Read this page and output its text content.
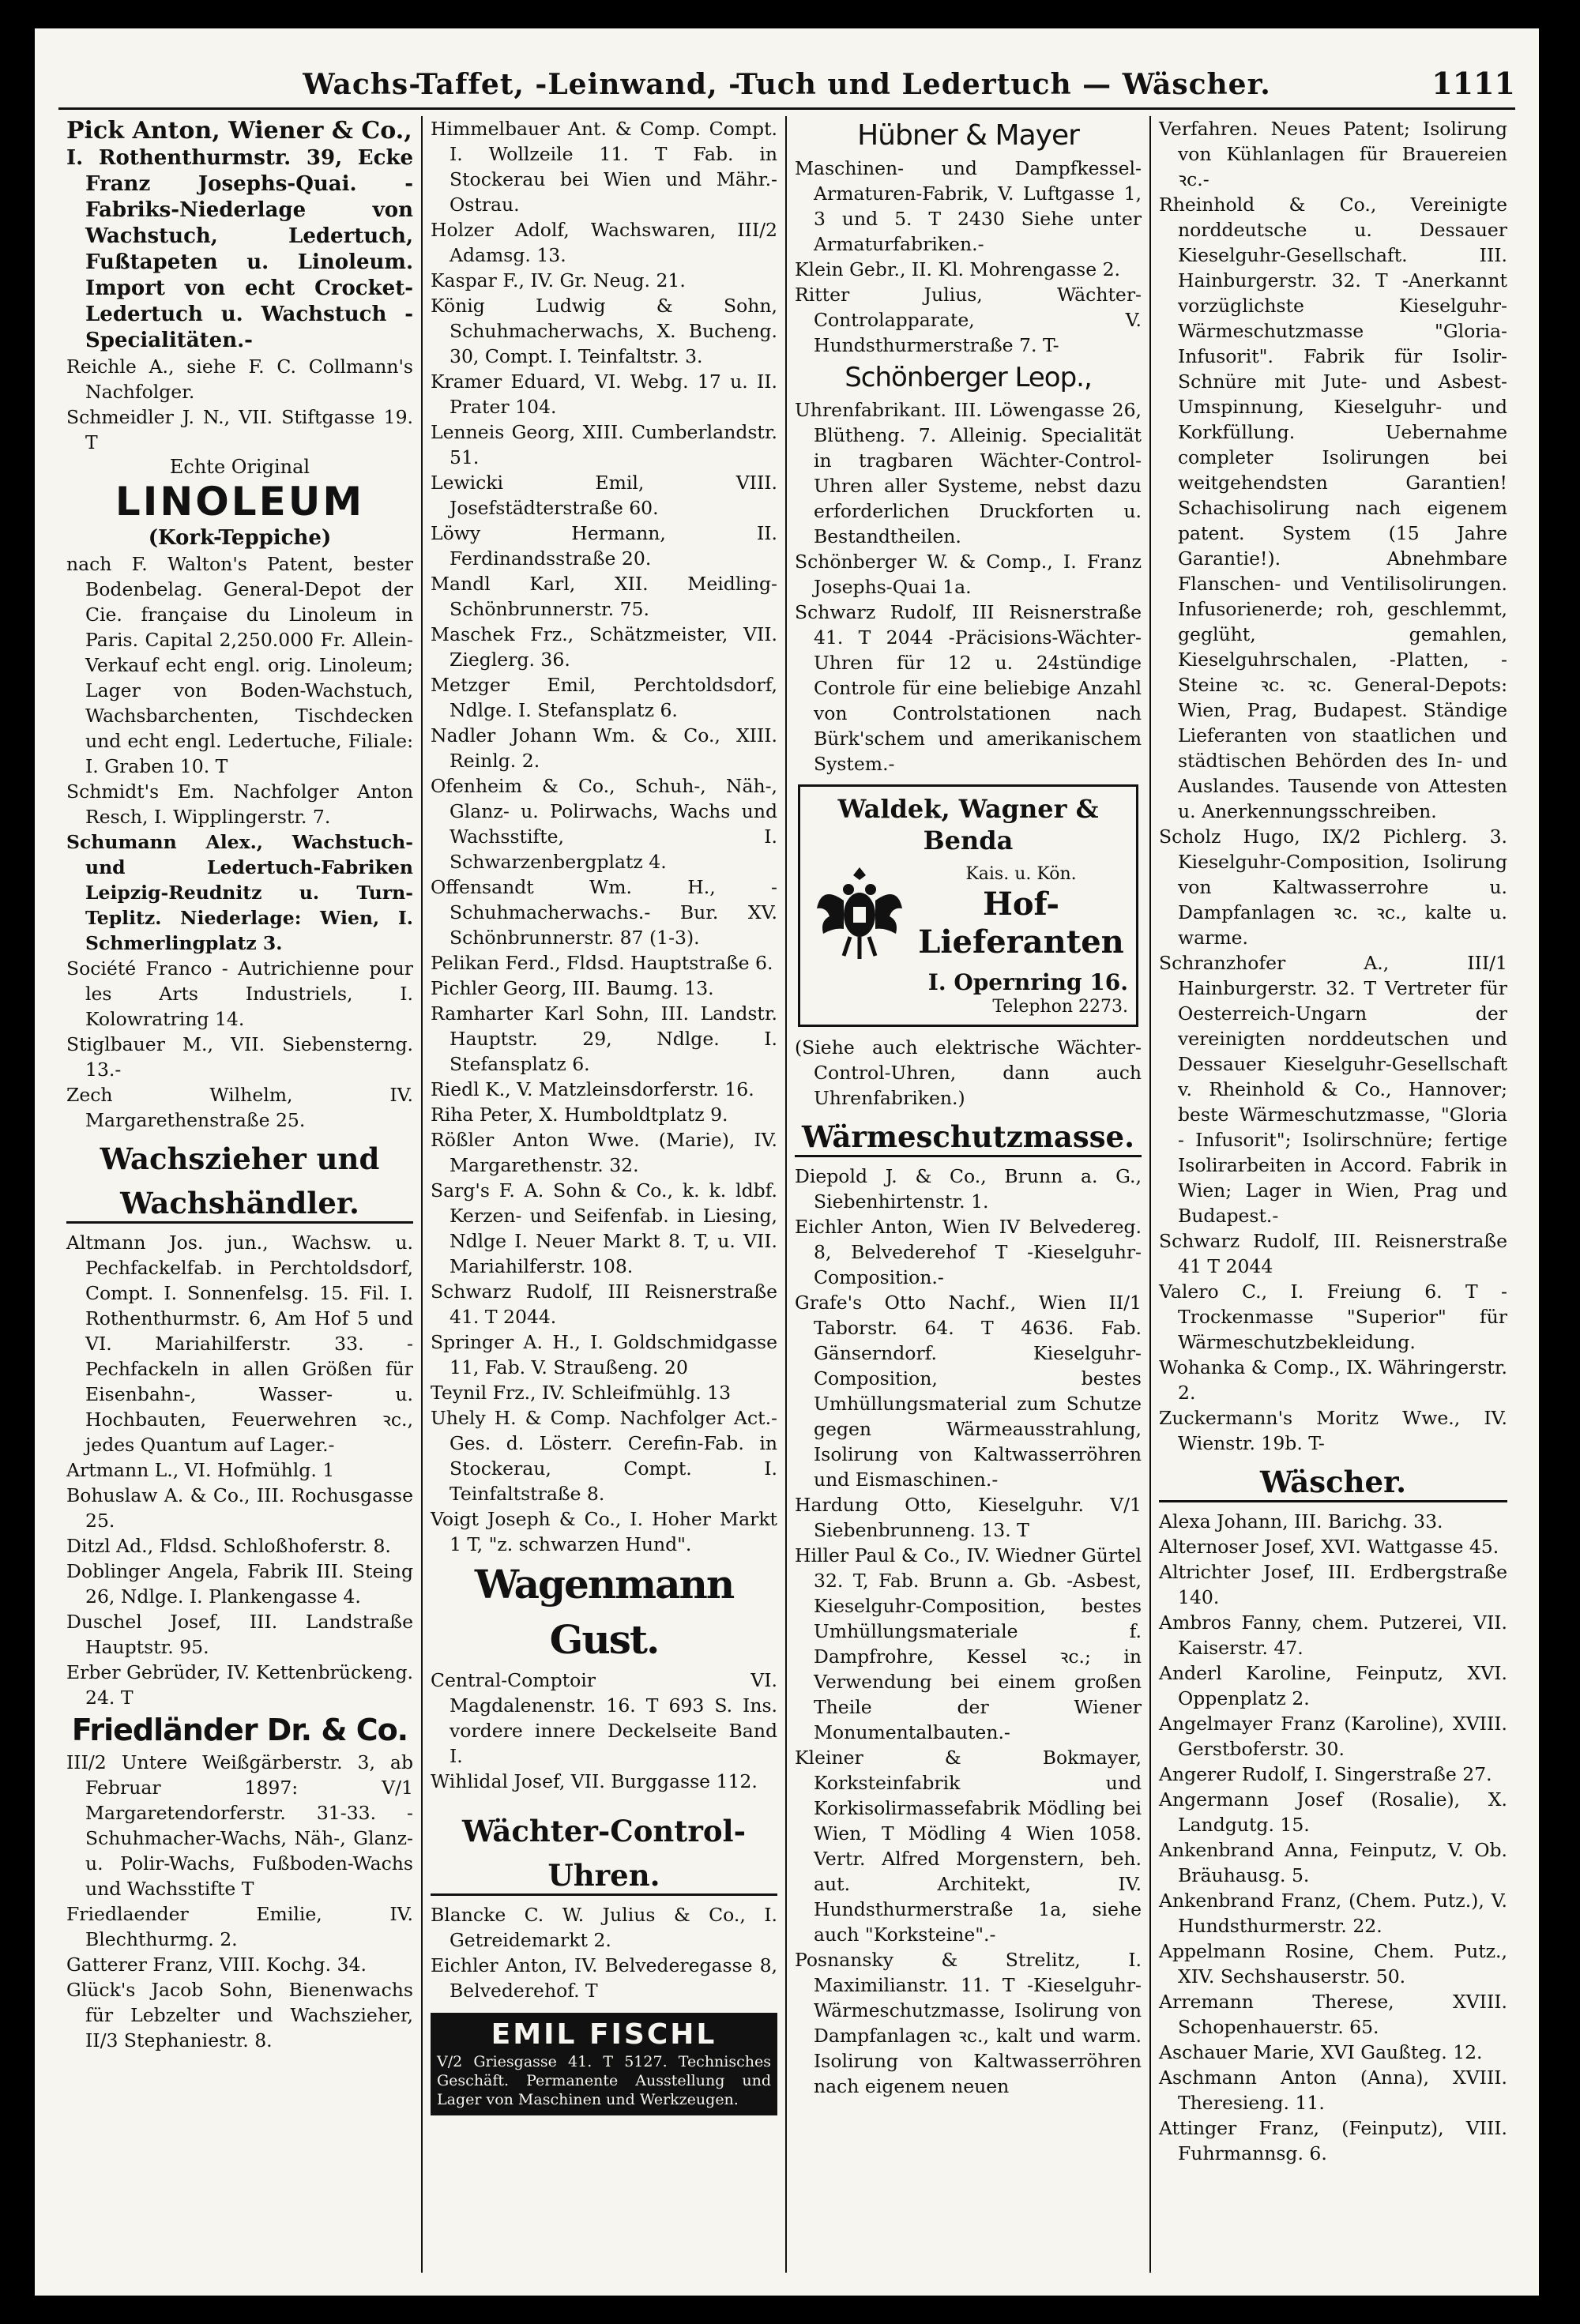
Wachs-Taffet, -Leinwand, -Tuch und Ledertuch — Wäscher.	1111

Pick Anton, Wiener & Co.,

I. Rothenthurmstr. 39, Ecke Franz Josephs-Quai. -Fabriks-Niederlage von Wachstuch, Ledertuch, Fußtapeten u. Linoleum. Import von echt Crocket-Ledertuch u. Wachstuch - Specialitäten.-

Reichle A., siehe F. C. Collmann's Nachfolger.

Schmeidler J. N., VII. Stiftgasse 19. T

Echte Original
LINOLEUM
(Kork-Teppiche)

nach F. Walton's Patent, bester Bodenbelag. General-Depot der Cie. française du Linoleum in Paris. Capital 2,250.000 Fr. Allein-Verkauf echt engl. orig. Linoleum; Lager von Boden-Wachstuch, Wachsbarchenten, Tischdecken und echt engl. Ledertuche, Filiale: I. Graben 10. T

Schmidt's Em. Nachfolger Anton Resch, I. Wipplingerstr. 7.

Schumann Alex., Wachstuch- und Ledertuch-Fabriken Leipzig-Reudnitz u. Turn-Teplitz. Niederlage: Wien, I. Schmerlingplatz 3.

Société Franco - Autrichienne pour les Arts Industriels, I. Kolowratring 14.

Stiglbauer M., VII. Siebensterng. 13.-

Zech Wilhelm, IV. Margarethenstraße 25.

Wachszieher und
Wachshändler.

Altmann Jos. jun., Wachsw. u. Pechfackelfab. in Perchtoldsdorf, Compt. I. Sonnenfelsg. 15. Fil. I. Rothenthurmstr. 6, Am Hof 5 und VI. Mariahilferstr. 33. -Pechfackeln in allen Größen für Eisenbahn-, Wasser- u. Hochbauten, Feuerwehren ꝛc., jedes Quantum auf Lager.-

Artmann L., VI. Hofmühlg. 1

Bohuslaw A. & Co., III. Rochusgasse 25.

Ditzl Ad., Fldsd. Schloßhoferstr. 8.

Doblinger Angela, Fabrik III. Steing 26, Ndlge. I. Plankengasse 4.

Duschel Josef, III. Landstraße Hauptstr. 95.

Erber Gebrüder, IV. Kettenbrückeng. 24. T

Friedländer Dr. & Co.

III/2 Untere Weißgärberstr. 3, ab Februar 1897: V/1 Margaretendorferstr. 31-33. -Schuhmacher-Wachs, Näh-, Glanz- u. Polir-Wachs, Fußboden-Wachs und Wachsstifte T

Friedlaender Emilie, IV. Blechthurmg. 2.

Gatterer Franz, VIII. Kochg. 34.

Glück's Jacob Sohn, Bienenwachs für Lebzelter und Wachszieher, II/3 Stephaniestr. 8.

Himmelbauer Ant. & Comp. Compt. I. Wollzeile 11. T Fab. in Stockerau bei Wien und Mähr.-Ostrau.

Holzer Adolf, Wachswaren, III/2 Adamsg. 13.

Kaspar F., IV. Gr. Neug. 21.

König Ludwig & Sohn, Schuhmacherwachs, X. Bucheng. 30, Compt. I. Teinfaltstr. 3.

Kramer Eduard, VI. Webg. 17 u. II. Prater 104.

Lenneis Georg, XIII. Cumberlandstr. 51.

Lewicki Emil, VIII. Josefstädterstraße 60.

Löwy Hermann, II. Ferdinandsstraße 20.

Mandl Karl, XII. Meidling-Schönbrunnerstr. 75.

Maschek Frz., Schätzmeister, VII. Zieglerg. 36.

Metzger Emil, Perchtoldsdorf, Ndlge. I. Stefansplatz 6.

Nadler Johann Wm. & Co., XIII. Reinlg. 2.

Ofenheim & Co., Schuh-, Näh-, Glanz- u. Polirwachs, Wachs und Wachsstifte, I. Schwarzenbergplatz 4.

Offensandt Wm. H., -Schuhmacherwachs.- Bur. XV. Schönbrunnerstr. 87 (1-3).

Pelikan Ferd., Fldsd. Hauptstraße 6.

Pichler Georg, III. Baumg. 13.

Ramharter Karl Sohn, III. Landstr. Hauptstr. 29, Ndlge. I. Stefansplatz 6.

Riedl K., V. Matzleinsdorferstr. 16.

Riha Peter, X. Humboldtplatz 9.

Rößler Anton Wwe. (Marie), IV. Margarethenstr. 32.

Sarg's F. A. Sohn & Co., k. k. ldbf. Kerzen- und Seifenfab. in Liesing, Ndlge I. Neuer Markt 8. T, u. VII. Mariahilferstr. 108.

Schwarz Rudolf, III Reisnerstraße 41. T 2044.

Springer A. H., I. Goldschmidgasse 11, Fab. V. Straußeng. 20

Teynil Frz., IV. Schleifmühlg. 13

Uhely H. & Comp. Nachfolger Act.-Ges. d. Lösterr. Cerefin-Fab. in Stockerau, Compt. I. Teinfaltstraße 8.

Voigt Joseph & Co., I. Hoher Markt 1 T, "z. schwarzen Hund".

Wagenmann Gust.

Central-Comptoir VI. Magdalenenstr. 16. T 693 S. Ins. vordere innere Deckelseite Band I.

Wihlidal Josef, VII. Burggasse 112.

Wächter-Control-
Uhren.

Blancke C. W. Julius & Co., I. Getreidemarkt 2.

Eichler Anton, IV. Belvederegasse 8, Belvederehof. T

EMIL FISCHL
V/2 Griesgasse 41. T 5127. Technisches Geschäft. Permanente Ausstellung und Lager von Maschinen und Werkzeugen.
Hübner & Mayer

Maschinen- und Dampfkessel-Armaturen-Fabrik, V. Luftgasse 1, 3 und 5. T 2430 Siehe unter Armaturfabriken.-

Klein Gebr., II. Kl. Mohrengasse 2.

Ritter Julius, Wächter-Controlapparate, V. Hundsthurmerstraße 7. T-

Schönberger Leop.,

Uhrenfabrikant. III. Löwengasse 26, Blütheng. 7. Alleinig. Specialität in tragbaren Wächter-Control-Uhren aller Systeme, nebst dazu erforderlichen Druckforten u. Bestandtheilen.

Schönberger W. & Comp., I. Franz Josephs-Quai 1a.

Schwarz Rudolf, III Reisnerstraße 41. T 2044 -Präcisions-Wächter-Uhren für 12 u. 24stündige Controle für eine beliebige Anzahl von Controlstationen nach Bürk'schem und amerikanischem System.-

Waldek, Wagner & Benda
Kais. u. Kön.
Hof-
Lieferanten
I. Opernring 16.
Telephon 2273.

(Siehe auch elektrische Wächter-Control-Uhren, dann auch Uhrenfabriken.)

Wärmeschutzmasse.

Diepold J. & Co., Brunn a. G., Siebenhirtenstr. 1.

Eichler Anton, Wien IV Belvedereg. 8, Belvederehof T -Kieselguhr-Composition.-

Grafe's Otto Nachf., Wien II/1 Taborstr. 64. T 4636. Fab. Gänserndorf. Kieselguhr-Composition, bestes Umhüllungsmaterial zum Schutze gegen Wärmeausstrahlung, Isolirung von Kaltwasserröhren und Eismaschinen.-

Hardung Otto, Kieselguhr. V/1 Siebenbrunneng. 13. T

Hiller Paul & Co., IV. Wiedner Gürtel 32. T, Fab. Brunn a. Gb. -Asbest, Kieselguhr-Composition, bestes Umhüllungsmateriale f. Dampfrohre, Kessel ꝛc.; in Verwendung bei einem großen Theile der Wiener Monumentalbauten.-

Kleiner & Bokmayer, Korksteinfabrik und Korkisolirmassefabrik Mödling bei Wien, T Mödling 4 Wien 1058. Vertr. Alfred Morgenstern, beh. aut. Architekt, IV. Hundsthurmerstraße 1a, siehe auch "Korksteine".-

Posnansky & Strelitz, I. Maximilianstr. 11. T -Kieselguhr-Wärmeschutzmasse, Isolirung von Dampfanlagen ꝛc., kalt und warm. Isolirung von Kaltwasserröhren nach eigenem neuen

Verfahren. Neues Patent; Isolirung von Kühlanlagen für Brauereien ꝛc.-

Rheinhold & Co., Vereinigte norddeutsche u. Dessauer Kieselguhr-Gesellschaft. III. Hainburgerstr. 32. T -Anerkannt vorzüglichste Kieselguhr-Wärmeschutzmasse "Gloria-Infusorit". Fabrik für Isolir-Schnüre mit Jute- und Asbest-Umspinnung, Kieselguhr- und Korkfüllung. Uebernahme completer Isolirungen bei weitgehendsten Garantien! Schachisolirung nach eigenem patent. System (15 Jahre Garantie!). Abnehmbare Flanschen- und Ventilisolirungen. Infusorienerde; roh, geschlemmt, geglüht, gemahlen, Kieselguhrschalen, -Platten, -Steine ꝛc. ꝛc. General-Depots: Wien, Prag, Budapest. Ständige Lieferanten von staatlichen und städtischen Behörden des In- und Auslandes. Tausende von Attesten u. Anerkennungsschreiben.

Scholz Hugo, IX/2 Pichlerg. 3. Kieselguhr-Composition, Isolirung von Kaltwasserrohre u. Dampfanlagen ꝛc. ꝛc., kalte u. warme.

Schranzhofer A., III/1 Hainburgerstr. 32. T Vertreter für Oesterreich-Ungarn der vereinigten norddeutschen und Dessauer Kieselguhr-Gesellschaft v. Rheinhold & Co., Hannover; beste Wärmeschutzmasse, "Gloria - Infusorit"; Isolirschnüre; fertige Isolirarbeiten in Accord. Fabrik in Wien; Lager in Wien, Prag und Budapest.-

Schwarz Rudolf, III. Reisnerstraße 41 T 2044

Valero C., I. Freiung 6. T -Trockenmasse "Superior" für Wärmeschutzbekleidung.

Wohanka & Comp., IX. Währingerstr. 2.

Zuckermann's Moritz Wwe., IV. Wienstr. 19b. T-

Wäscher.

Alexa Johann, III. Barichg. 33.

Alternoser Josef, XVI. Wattgasse 45.

Altrichter Josef, III. Erdbergstraße 140.

Ambros Fanny, chem. Putzerei, VII. Kaiserstr. 47.

Anderl Karoline, Feinputz, XVI. Oppenplatz 2.

Angelmayer Franz (Karoline), XVIII. Gerstboferstr. 30.

Angerer Rudolf, I. Singerstraße 27.

Angermann Josef (Rosalie), X. Landgutg. 15.

Ankenbrand Anna, Feinputz, V. Ob. Bräuhausg. 5.

Ankenbrand Franz, (Chem. Putz.), V. Hundsthurmerstr. 22.

Appelmann Rosine, Chem. Putz., XIV. Sechshauserstr. 50.

Arremann Therese, XVIII. Schopenhauerstr. 65.

Aschauer Marie, XVI Gaußteg. 12.

Aschmann Anton (Anna), XVIII. Theresieng. 11.

Attinger Franz, (Feinputz), VIII. Fuhrmannsg. 6.
